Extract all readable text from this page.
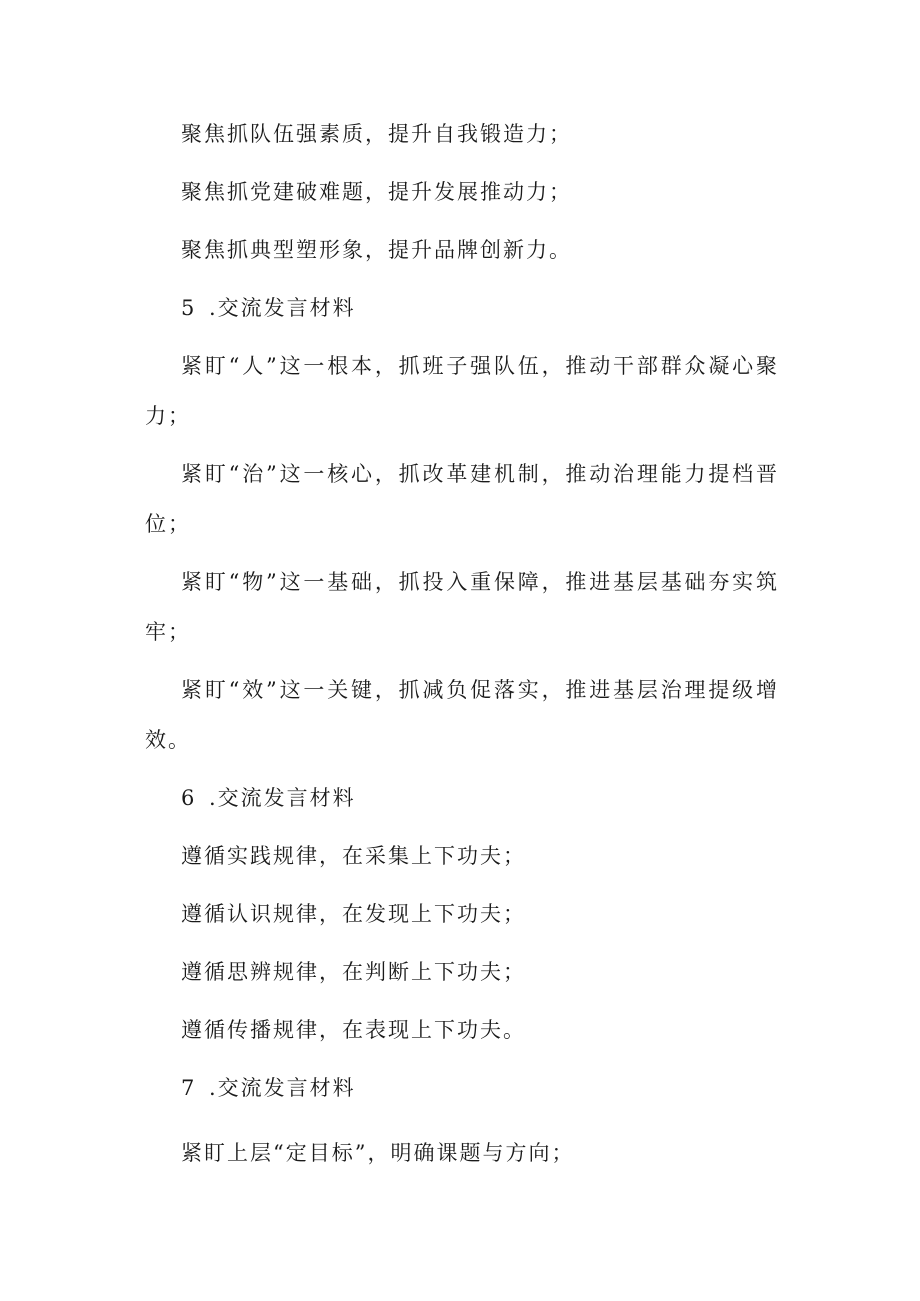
聚焦抓队伍强素质，提升自我锻造力；
聚焦抓党建破难题，提升发展推动力；
聚焦抓典型塑形象，提升品牌创新力。
5 .交流发言材料
紧盯“人”这一根本，抓班子强队伍，推动干部群众凝心聚
力；
紧盯“治”这一核心，抓改革建机制，推动治理能力提档晋
位；
紧盯“物”这一基础，抓投入重保障，推进基层基础夯实筑
牢；
紧盯“效”这一关键，抓减负促落实，推进基层治理提级增
效。
6 .交流发言材料
遵循实践规律，在采集上下功夫；
遵循认识规律，在发现上下功夫；
遵循思辨规律，在判断上下功夫；
遵循传播规律，在表现上下功夫。
7 .交流发言材料
紧盯上层“定目标”，明确课题与方向；
